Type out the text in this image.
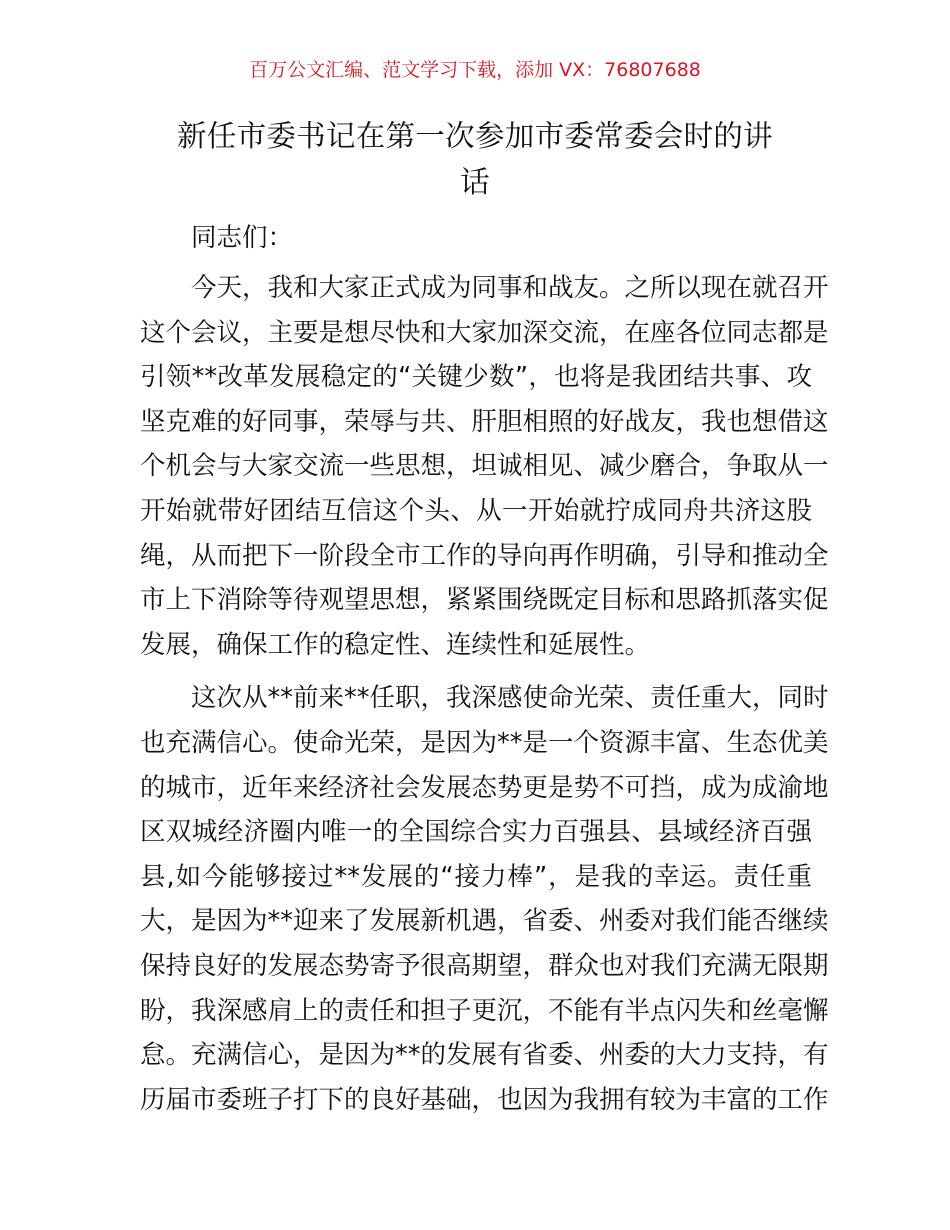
百万公文汇编、范文学习下载，添加 VX：76807688
新任市委书记在第一次参加市委常委会时的讲
话
同志们：
今天，我和大家正式成为同事和战友。之所以现在就召开
这个会议，主要是想尽快和大家加深交流，在座各位同志都是
引领**改革发展稳定的“关键少数”，也将是我团结共事、攻
坚克难的好同事，荣辱与共、肝胆相照的好战友，我也想借这
个机会与大家交流一些思想，坦诚相见、减少磨合，争取从一
开始就带好团结互信这个头、从一开始就拧成同舟共济这股
绳，从而把下一阶段全市工作的导向再作明确，引导和推动全
市上下消除等待观望思想，紧紧围绕既定目标和思路抓落实促
发展，确保工作的稳定性、连续性和延展性。
这次从**前来**任职，我深感使命光荣、责任重大，同时
也充满信心。使命光荣，是因为**是一个资源丰富、生态优美
的城市，近年来经济社会发展态势更是势不可挡，成为成渝地
区双城经济圈内唯一的全国综合实力百强县、县域经济百强
县,如今能够接过**发展的“接力棒”，是我的幸运。责任重
大，是因为**迎来了发展新机遇，省委、州委对我们能否继续
保持良好的发展态势寄予很高期望，群众也对我们充满无限期
盼，我深感肩上的责任和担子更沉，不能有半点闪失和丝毫懈
怠。充满信心，是因为**的发展有省委、州委的大力支持，有
历届市委班子打下的良好基础，也因为我拥有较为丰富的工作
